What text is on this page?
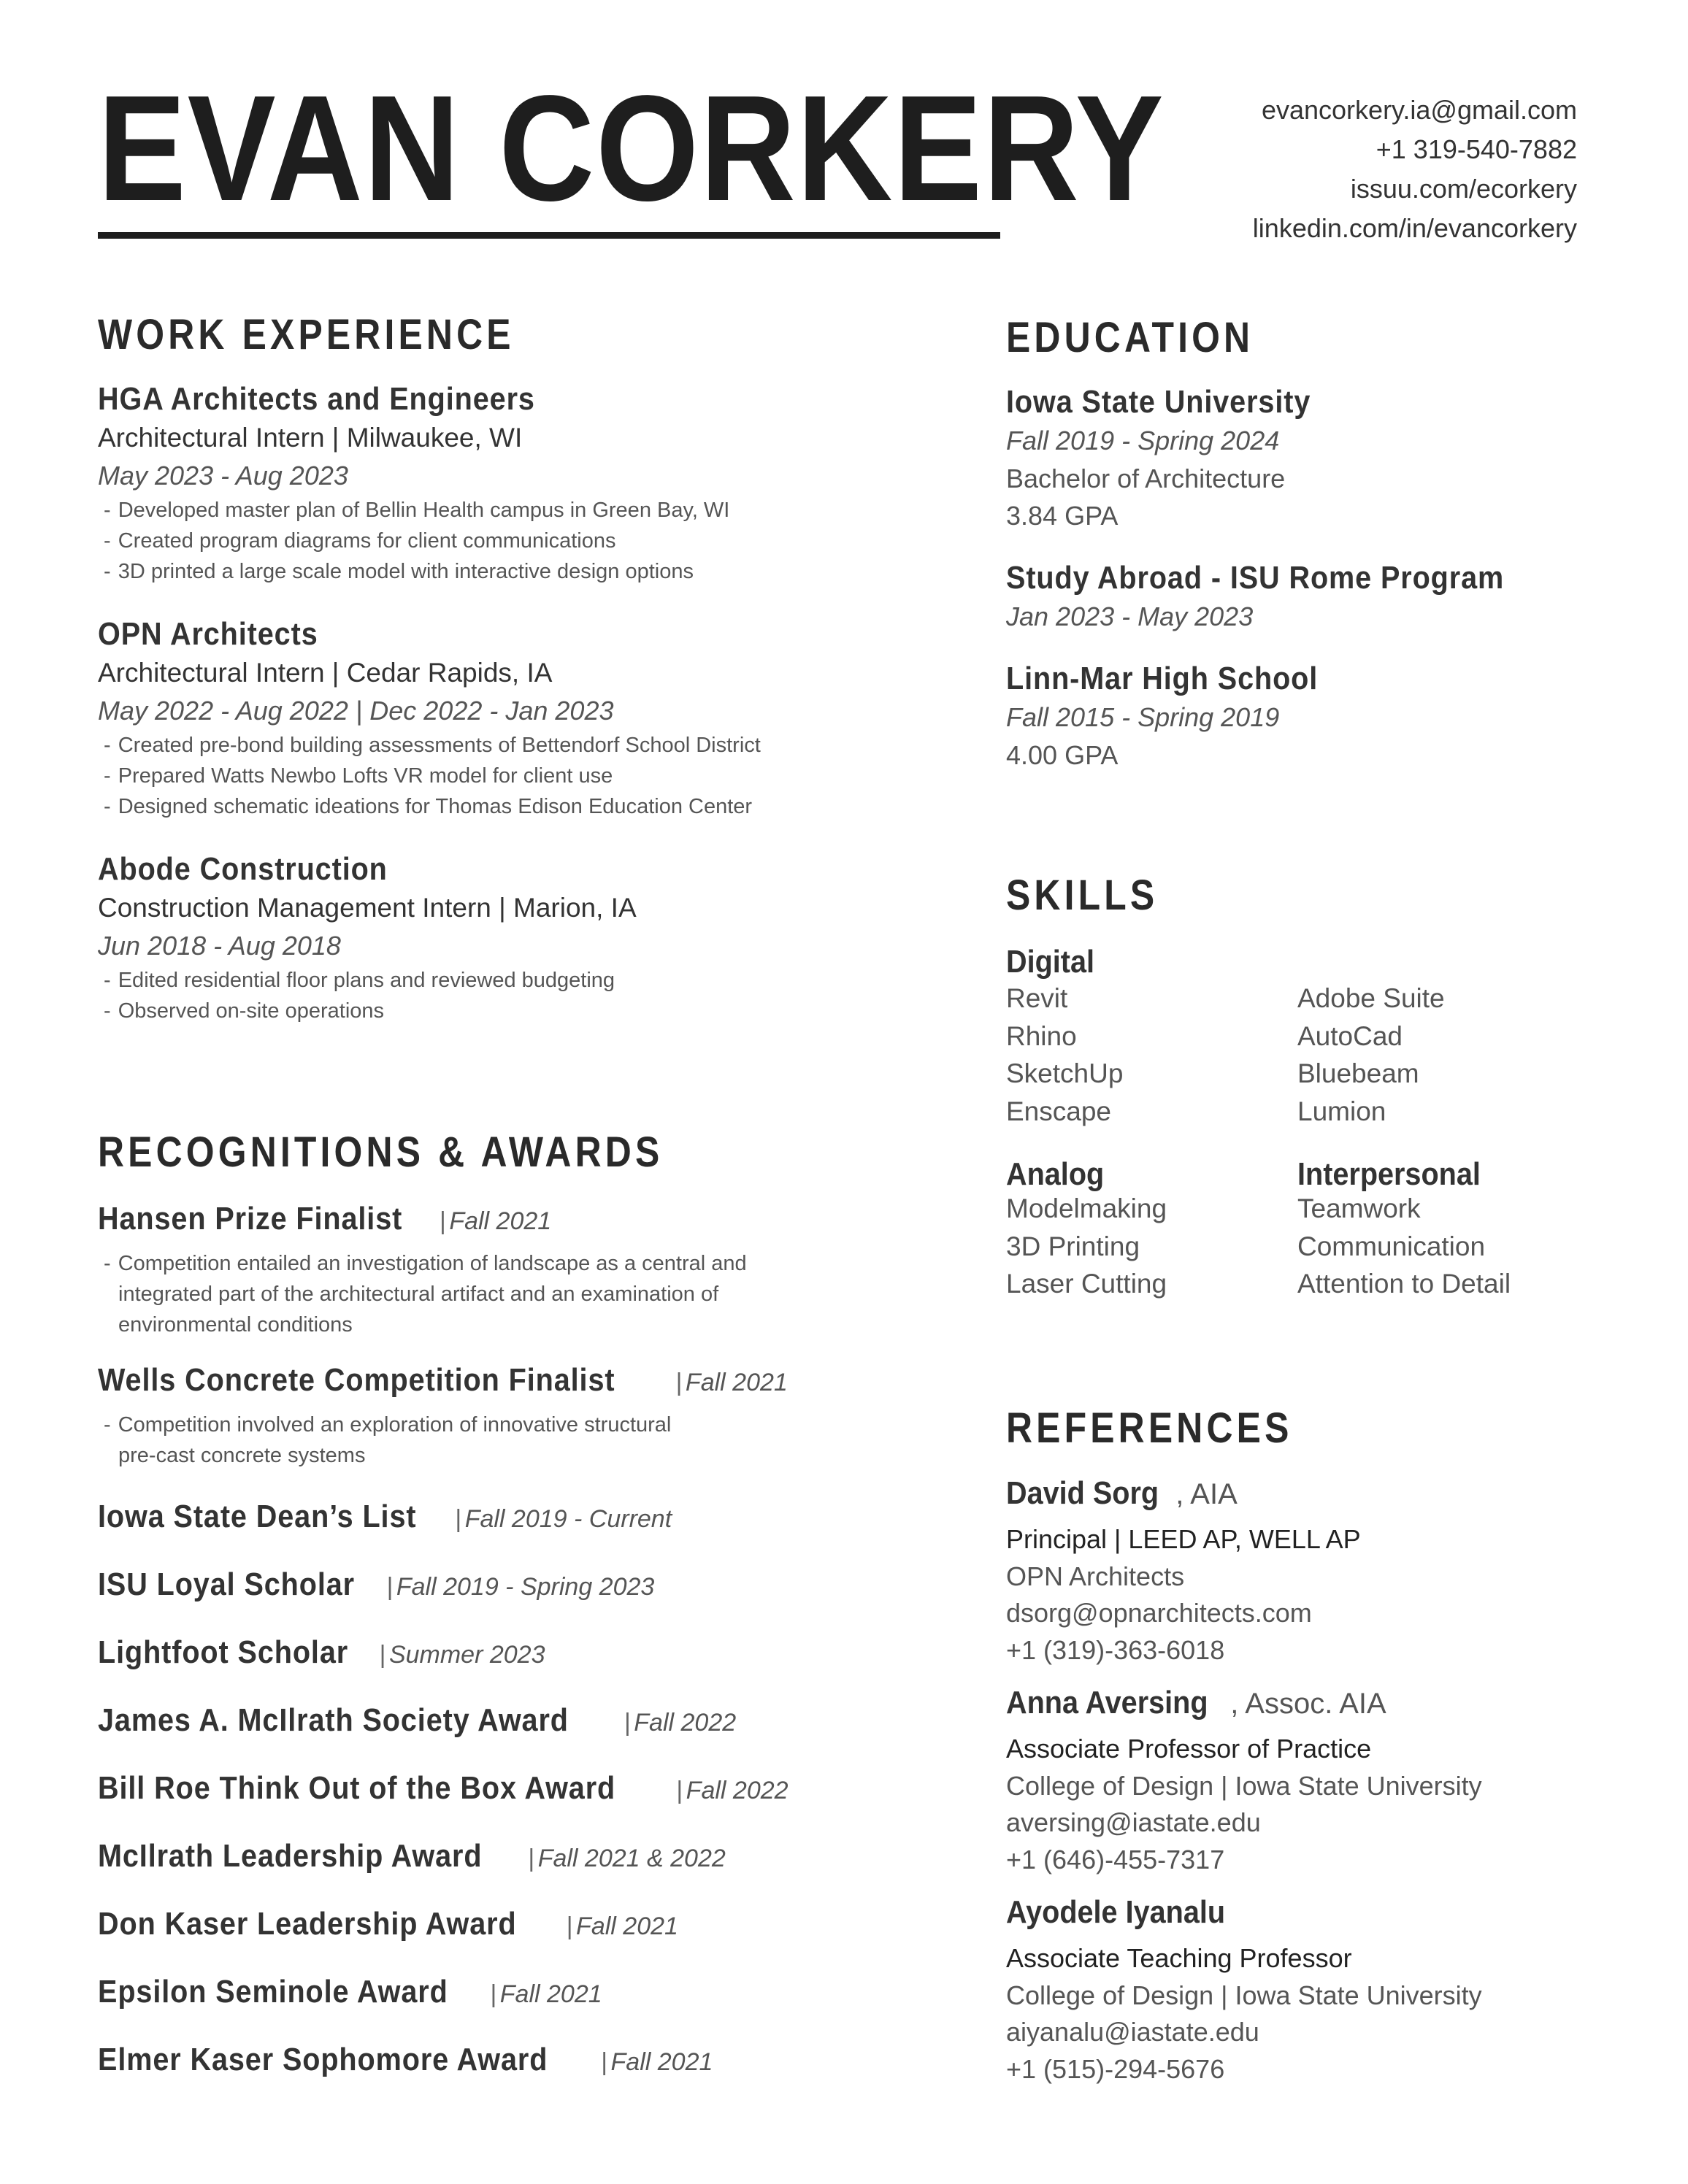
EVAN CORKERY	evancorkery.ia@gmail.com
+1 319-540-7882
issuu.com/ecorkery
linkedin.com/in/evancorkery
WORK EXPERIENCE
HGA Architects and Engineers
Architectural Intern | Milwaukee, WI
May 2023 - Aug 2023
- Developed master plan of Bellin Health campus in Green Bay, WI
- Created program diagrams for client communications
- 3D printed a large scale model with interactive design options
OPN Architects
Architectural Intern | Cedar Rapids, IA
May 2022 - Aug 2022 | Dec 2022 - Jan 2023
- Created pre-bond building assessments of Bettendorf School District
- Prepared Watts Newbo Lofts VR model for client use
- Designed schematic ideations for Thomas Edison Education Center
Abode Construction
Construction Management Intern | Marion, IA
Jun 2018 - Aug 2018
- Edited residential floor plans and reviewed budgeting
- Observed on-site operations
RECOGNITIONS & AWARDS
Hansen Prize Finalist | Fall 2021
- Competition entailed an investigation of landscape as a central and
integrated part of the architectural artifact and an examination of
environmental conditions
Wells Concrete Competition Finalist | Fall 2021
- Competition involved an exploration of innovative structural
pre-cast concrete systems
Iowa State Dean’s List | Fall 2019 - Current
ISU Loyal Scholar | Fall 2019 - Spring 2023
Lightfoot Scholar | Summer 2023
James A. McIlrath Society Award | Fall 2022
Bill Roe Think Out of the Box Award | Fall 2022
McIlrath Leadership Award | Fall 2021 & 2022
Don Kaser Leadership Award | Fall 2021
Epsilon Seminole Award | Fall 2021
Elmer Kaser Sophomore Award | Fall 2021
EDUCATION
Iowa State University
Fall 2019 - Spring 2024
Bachelor of Architecture
3.84 GPA
Study Abroad - ISU Rome Program
Jan 2023 - May 2023
Linn-Mar High School
Fall 2015 - Spring 2019
4.00 GPA
SKILLS
Digital
Revit
Rhino
SketchUp
Enscape
Adobe Suite
AutoCad
Bluebeam
Lumion
Analog
Modelmaking
3D Printing
Laser Cutting
Interpersonal
Teamwork
Communication
Attention to Detail
REFERENCES
David Sorg , AIA
Principal | LEED AP, WELL AP
OPN Architects
dsorg@opnarchitects.com
+1 (319)-363-6018
Anna Aversing , Assoc. AIA
Associate Professor of Practice
College of Design | Iowa State University
aversing@iastate.edu
+1 (646)-455-7317
Ayodele Iyanalu
Associate Teaching Professor
College of Design | Iowa State University
aiyanalu@iastate.edu
+1 (515)-294-5676
